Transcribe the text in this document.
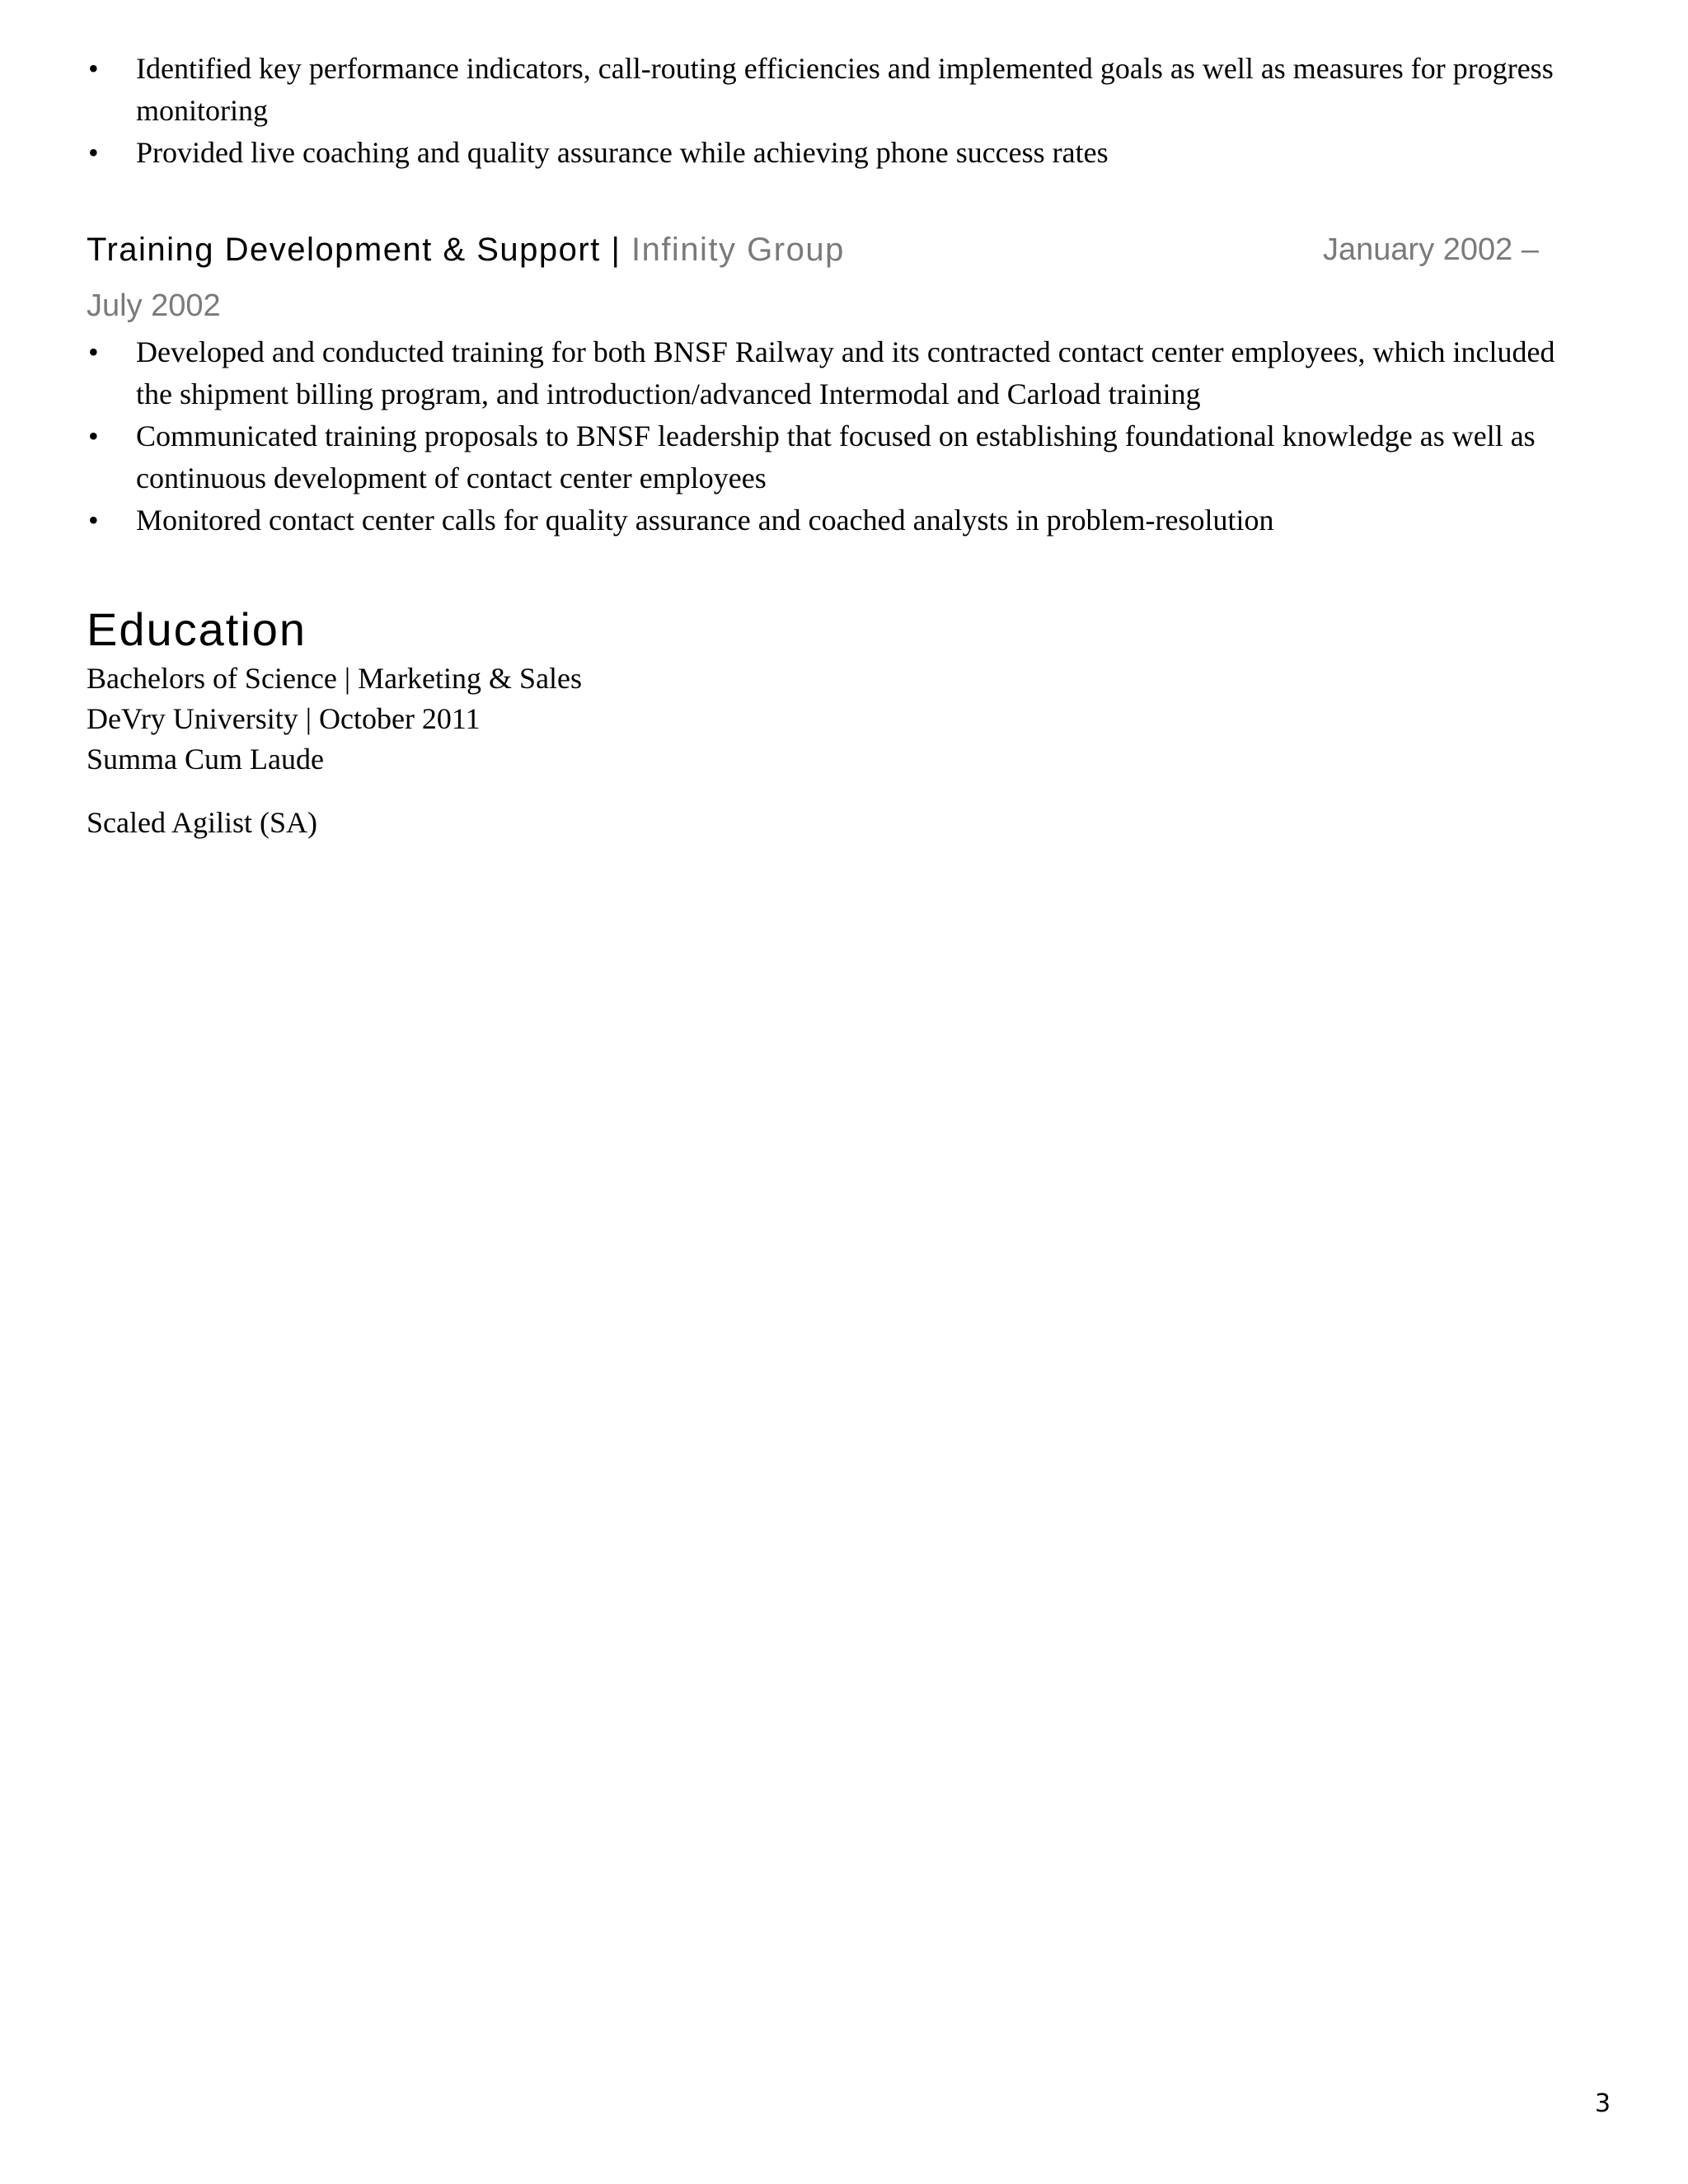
• Identified key performance indicators, call-routing efficiencies and implemented goals as well as measures for progress monitoring
• Provided live coaching and quality assurance while achieving phone success rates
Training Development & Support | Infinity Group	January 2002 –
July 2002
• Developed and conducted training for both BNSF Railway and its contracted contact center employees, which included the shipment billing program, and introduction/advanced Intermodal and Carload training
• Communicated training proposals to BNSF leadership that focused on establishing foundational knowledge as well as continuous development of contact center employees
• Monitored contact center calls for quality assurance and coached analysts in problem-resolution
Education
Bachelors of Science | Marketing & Sales
DeVry University | October 2011
Summa Cum Laude
Scaled Agilist (SA)
3
